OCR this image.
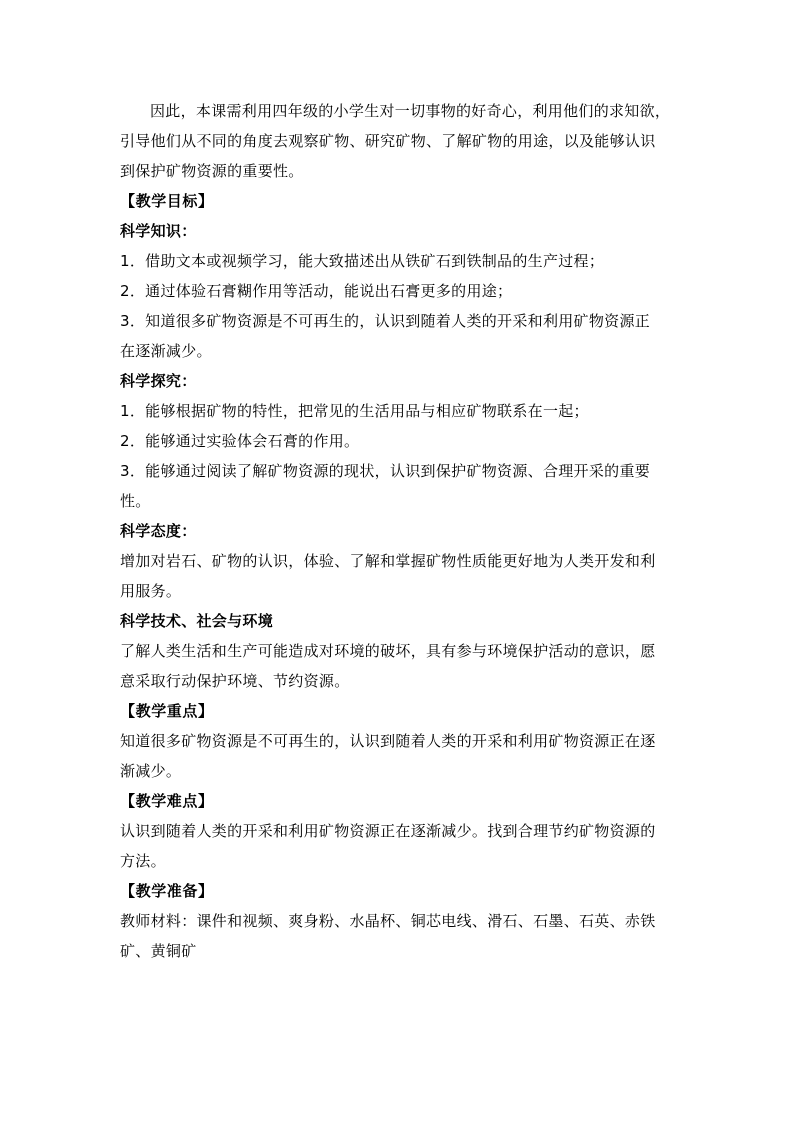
因此，本课需利用四年级的小学生对一切事物的好奇心，利用他们的求知欲，
引导他们从不同的角度去观察矿物、研究矿物、了解矿物的用途，以及能够认识
到保护矿物资源的重要性。
【教学目标】
科学知识：
1．借助文本或视频学习，能大致描述出从铁矿石到铁制品的生产过程；
2．通过体验石膏糊作用等活动，能说出石膏更多的用途；
3．知道很多矿物资源是不可再生的，认识到随着人类的开采和利用矿物资源正
在逐渐减少。
科学探究：
1．能够根据矿物的特性，把常见的生活用品与相应矿物联系在一起；
2．能够通过实验体会石膏的作用。
3．能够通过阅读了解矿物资源的现状，认识到保护矿物资源、合理开采的重要
性。
科学态度：
增加对岩石、矿物的认识，体验、了解和掌握矿物性质能更好地为人类开发和利
用服务。
科学技术、社会与环境
了解人类生活和生产可能造成对环境的破坏，具有参与环境保护活动的意识，愿
意采取行动保护环境、节约资源。
【教学重点】
知道很多矿物资源是不可再生的，认识到随着人类的开采和利用矿物资源正在逐
渐减少。
【教学难点】
认识到随着人类的开采和利用矿物资源正在逐渐减少。找到合理节约矿物资源的
方法。
【教学准备】
教师材料：课件和视频、爽身粉、水晶杯、铜芯电线、滑石、石墨、石英、赤铁
矿、黄铜矿
